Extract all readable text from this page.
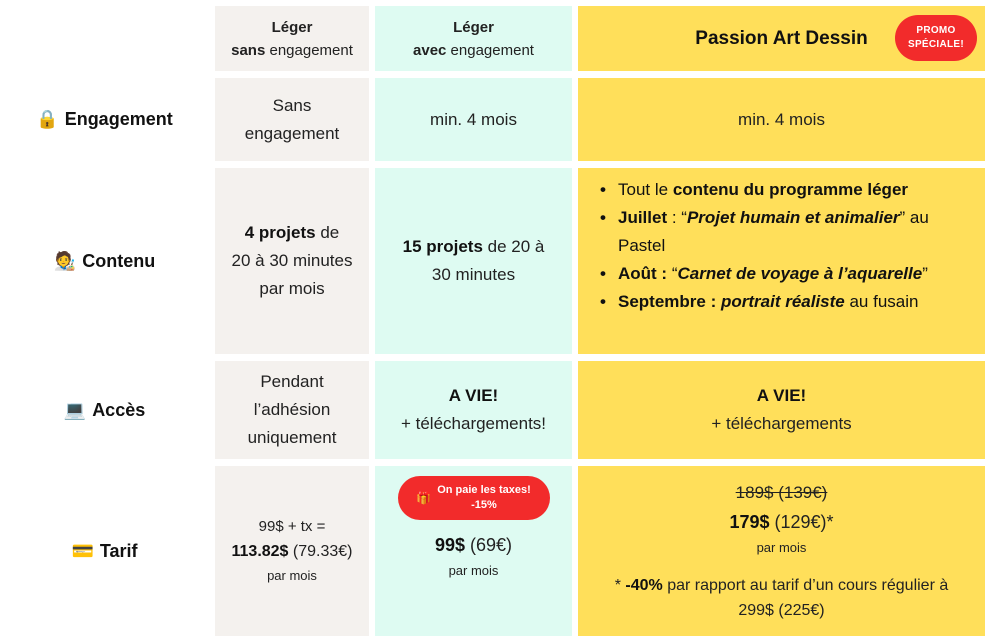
Léger
sans engagement
Léger
avec engagement
Passion Art Dessin	PROMO
SPÉCIALE!
🔒 Engagement
Sans
engagement
min. 4 mois	min. 4 mois
🧑‍🎨 Contenu
4 projets de
20 à 30 minutes
par mois
15 projets de 20 à
30 minutes
• Tout le contenu du programme léger
• Juillet : “Projet humain et animalier” au Pastel
• Août : “Carnet de voyage à l’aquarelle”
• Septembre : portrait réaliste au fusain
💻 Accès
Pendant
l’adhésion
uniquement
A VIE!
+ téléchargements!
A VIE!
+ téléchargements
💳 Tarif
99$ + tx =
113.82$ (79.33€)
par mois
🎁
On paie les taxes!
-15%
99$ (69€)
par mois
189$ (139€)
179$ (129€)*
par mois
* -40% par rapport au tarif d’un cours régulier à
299$ (225€)
